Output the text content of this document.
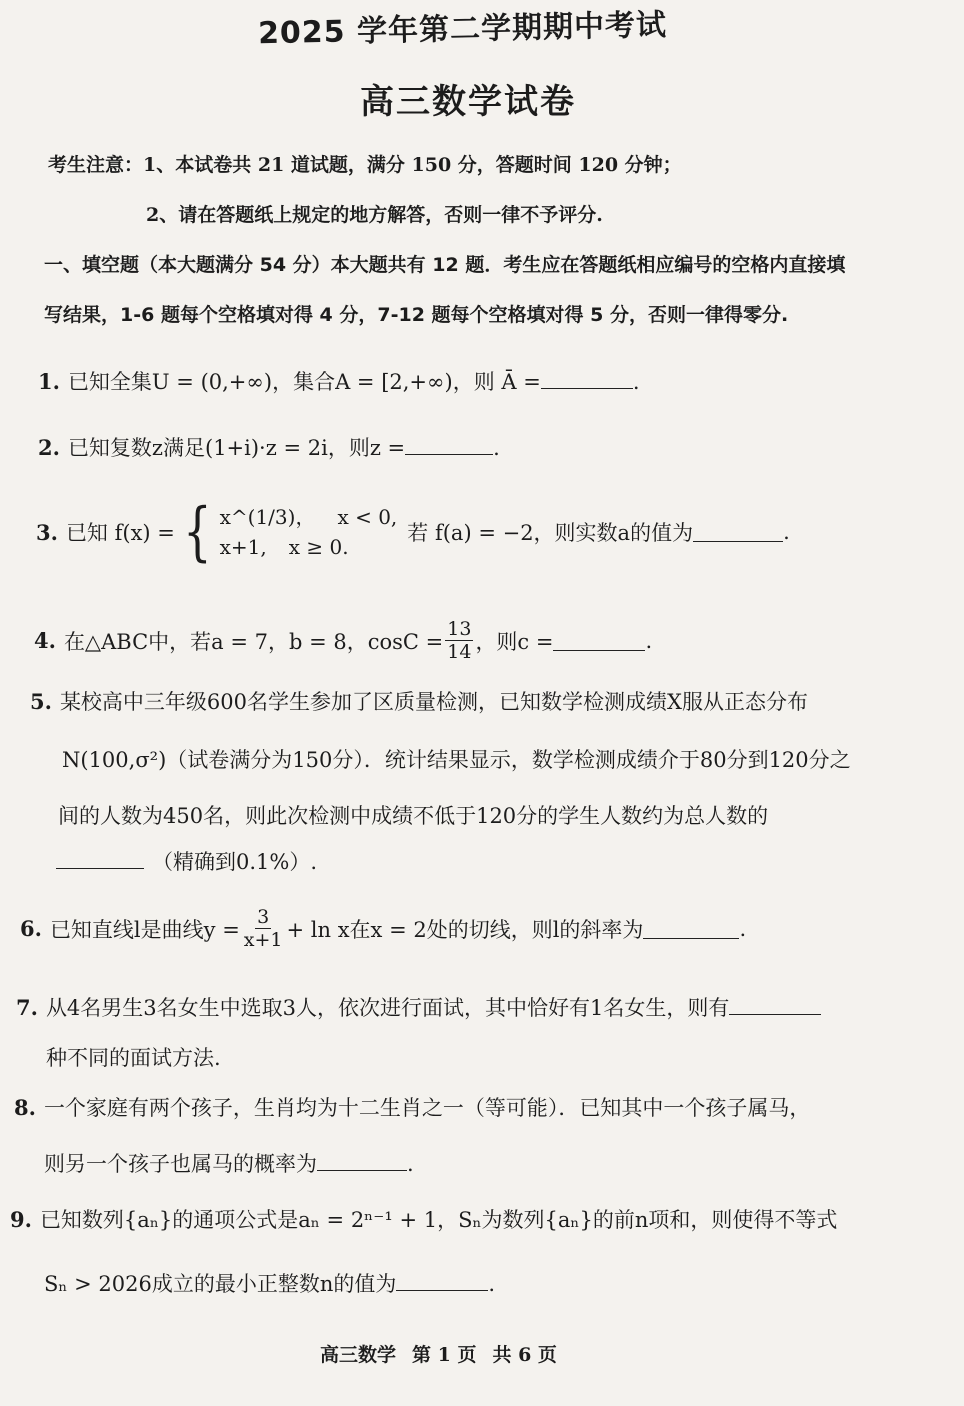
2025 学年第二学期期中考试
高三数学试卷
考生注意：1、本试卷共 21 道试题，满分 150 分，答题时间 120 分钟；
2、请在答题纸上规定的地方解答，否则一律不予评分.
一、填空题（本大题满分 54 分）本大题共有 12 题．考生应在答题纸相应编号的空格内直接填
写结果，1-6 题每个空格填对得 4 分，7-12 题每个空格填对得 5 分，否则一律得零分.
1. 已知全集U = (0,+∞)，集合A = [2,+∞)，则 Ā =	.
2. 已知复数z满足(1+i)·z = 2i，则z =	.
3. 已知 f(x) = { x^(1/3)， x < 0,
x+1, x ≥ 0.
若 f(a) = −2，则实数a的值为	.
4. 在△ABC中，若a = 7，b = 8，$\cos C = \frac{13}{14}$ ，则c =	.
5. 某校高中三年级600名学生参加了区质量检测，已知数学检测成绩X服从正态分布
N(100,σ²)（试卷满分为150分）．统计结果显示，数学检测成绩介于80分到120分之
间的人数为450名，则此次检测中成绩不低于120分的学生人数约为总人数的
（精确到0.1%）.
6. 已知直线l是曲线$y = \frac{3}{x+1} + \ln x$在x = 2处的切线，则l的斜率为	.
7. 从4名男生3名女生中选取3人，依次进行面试，其中恰好有1名女生，则有
种不同的面试方法.
8. 一个家庭有两个孩子，生肖均为十二生肖之一（等可能）．已知其中一个孩子属马，
则另一个孩子也属马的概率为	.
9. 已知数列{aₙ}的通项公式是aₙ = 2ⁿ⁻¹ + 1，Sₙ为数列{aₙ}的前n项和，则使得不等式
Sₙ > 2026成立的最小正整数n的值为	.
高三数学 第 1 页 共 6 页
